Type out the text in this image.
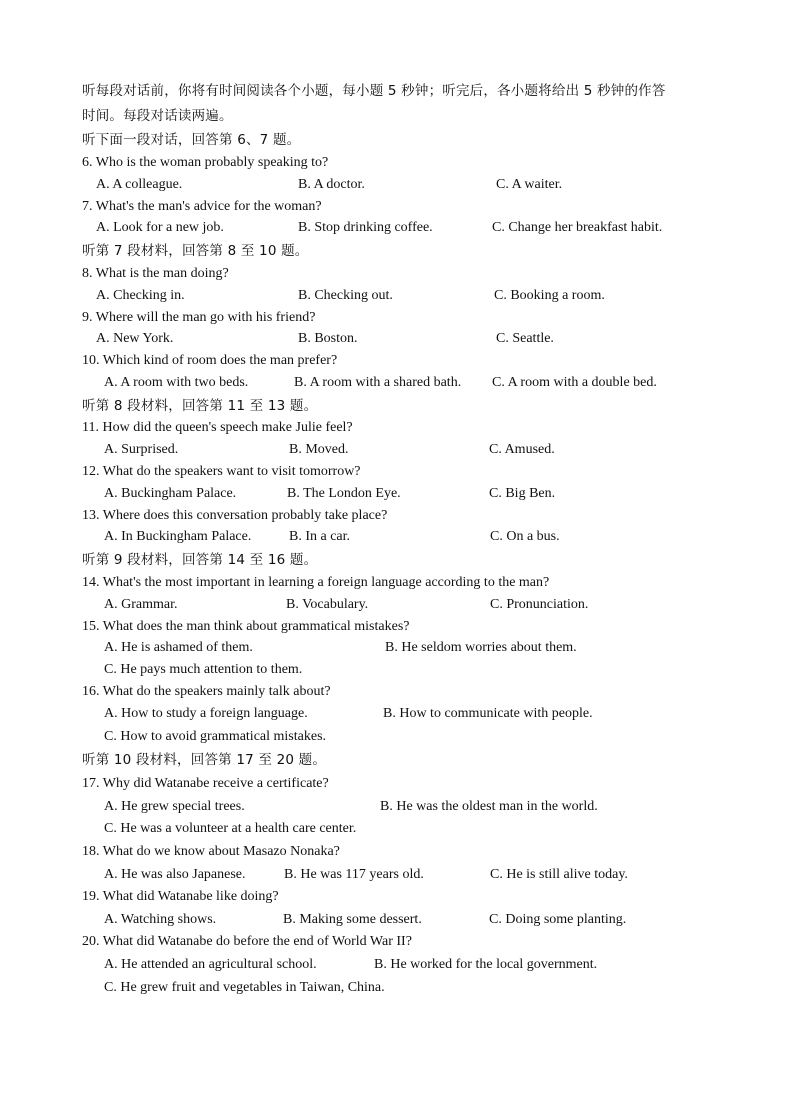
听每段对话前，你将有时间阅读各个小题，每小题 5 秒钟；听完后，各小题将给出 5 秒钟的作答
时间。每段对话读两遍。
听下面一段对话，回答第 6、7 题。
6. Who is the woman probably speaking to?
A. A colleague.	B. A doctor.	C. A waiter.
7. What's the man's advice for the woman?
A. Look for a new job.	B. Stop drinking coffee.	C. Change her breakfast habit.
听第 7 段材料，回答第 8 至 10 题。
8. What is the man doing?
A. Checking in.	B. Checking out.	C. Booking a room.
9. Where will the man go with his friend?
A. New York.	B. Boston.	C. Seattle.
10. Which kind of room does the man prefer?
A. A room with two beds.	B. A room with a shared bath. C. A room with a double bed.
听第 8 段材料，回答第 11 至 13 题。
11. How did the queen's speech make Julie feel?
A. Surprised.	B. Moved.	C. Amused.
12. What do the speakers want to visit tomorrow?
A. Buckingham Palace.	B. The London Eye.	C. Big Ben.
13. Where does this conversation probably take place?
A. In Buckingham Palace.	B. In a car.	C. On a bus.
听第 9 段材料，回答第 14 至 16 题。
14. What's the most important in learning a foreign language according to the man?
A. Grammar.	B. Vocabulary.	C. Pronunciation.
15. What does the man think about grammatical mistakes?
A. He is ashamed of them.	B. He seldom worries about them.
C. He pays much attention to them.
16. What do the speakers mainly talk about?
A. How to study a foreign language.	B. How to communicate with people.
C. How to avoid grammatical mistakes.
听第 10 段材料，回答第 17 至 20 题。
17. Why did Watanabe receive a certificate?
A. He grew special trees.	B. He was the oldest man in the world.
C. He was a volunteer at a health care center.
18. What do we know about Masazo Nonaka?
A. He was also Japanese.	B. He was 117 years old.	C. He is still alive today.
19. What did Watanabe like doing?
A. Watching shows.	B. Making some dessert.	C. Doing some planting.
20. What did Watanabe do before the end of World War II?
A. He attended an agricultural school.	B. He worked for the local government.
C. He grew fruit and vegetables in Taiwan, China.
